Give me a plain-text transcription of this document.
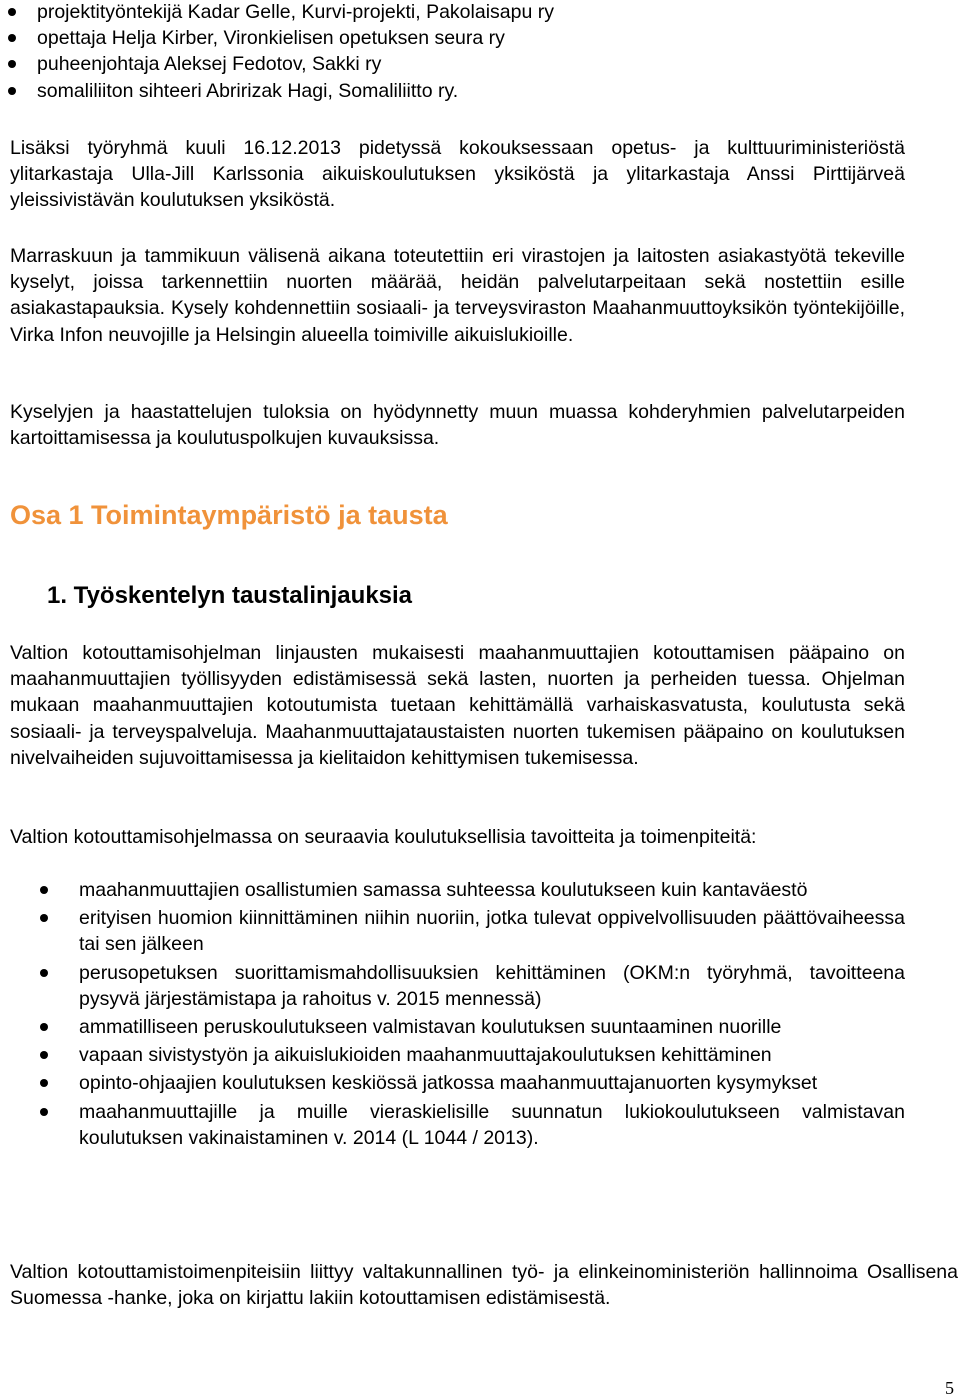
projektityöntekijä Kadar Gelle, Kurvi-projekti, Pakolaisapu ry
opettaja Helja Kirber, Vironkielisen opetuksen seura ry
puheenjohtaja Aleksej Fedotov, Sakki ry
somaliliiton sihteeri Abririzak Hagi, Somaliliitto ry.

Lisäksi työryhmä kuuli 16.12.2013 pidetyssä kokouksessaan opetus- ja kulttuuriministeriöstä ylitarkastaja Ulla-Jill Karlssonia aikuiskoulutuksen yksiköstä ja ylitarkastaja Anssi Pirttijärveä yleissivistävän koulutuksen yksiköstä.

Marraskuun ja tammikuun välisenä aikana toteutettiin eri virastojen ja laitosten asiakastyötä tekeville kyselyt, joissa tarkennettiin nuorten määrää, heidän palvelutarpeitaan sekä nostettiin esille asiakastapauksia. Kysely kohdennettiin sosiaali- ja terveysviraston Maahanmuuttoyksikön työntekijöille, Virka Infon neuvojille ja Helsingin alueella toimiville aikuislukioille.

Kyselyjen ja haastattelujen tuloksia on hyödynnetty muun muassa kohderyhmien palvelutarpeiden kartoittamisessa ja koulutuspolkujen kuvauksissa.

Osa 1 Toimintaympäristö ja tausta
1. Työskentelyn taustalinjauksia

Valtion kotouttamisohjelman linjausten mukaisesti maahanmuuttajien kotouttamisen pääpaino on maahanmuuttajien työllisyyden edistämisessä sekä lasten, nuorten ja perheiden tuessa. Ohjelman mukaan maahanmuuttajien kotoutumista tuetaan kehittämällä varhaiskasvatusta, koulutusta sekä sosiaali- ja terveyspalveluja. Maahanmuuttajataustaisten nuorten tukemisen pääpaino on koulutuksen nivelvaiheiden sujuvoittamisessa ja kielitaidon kehittymisen tukemisessa.

Valtion kotouttamisohjelmassa on seuraavia koulutuksellisia tavoitteita ja toimenpiteitä:

maahanmuuttajien osallistumien samassa suhteessa koulutukseen kuin kantaväestö
erityisen huomion kiinnittäminen niihin nuoriin, jotka tulevat oppivelvollisuuden päättövaiheessa tai sen jälkeen
perusopetuksen suorittamismahdollisuuksien kehittäminen (OKM:n työryhmä, tavoitteena pysyvä järjestämistapa ja rahoitus v. 2015 mennessä)
ammatilliseen peruskoulutukseen valmistavan koulutuksen suuntaaminen nuorille
vapaan sivistystyön ja aikuislukioiden maahanmuuttajakoulutuksen kehittäminen
opinto-ohjaajien koulutuksen keskiössä jatkossa maahanmuuttajanuorten kysymykset
maahanmuuttajille ja muille vieraskielisille suunnatun lukiokoulutukseen valmistavan koulutuksen vakinaistaminen v. 2014 (L 1044 / 2013).

Valtion kotouttamistoimenpiteisiin liittyy valtakunnallinen työ- ja elinkeinoministeriön hallinnoima Osallisena Suomessa -hanke, joka on kirjattu lakiin kotouttamisen edistämisestä.

5
